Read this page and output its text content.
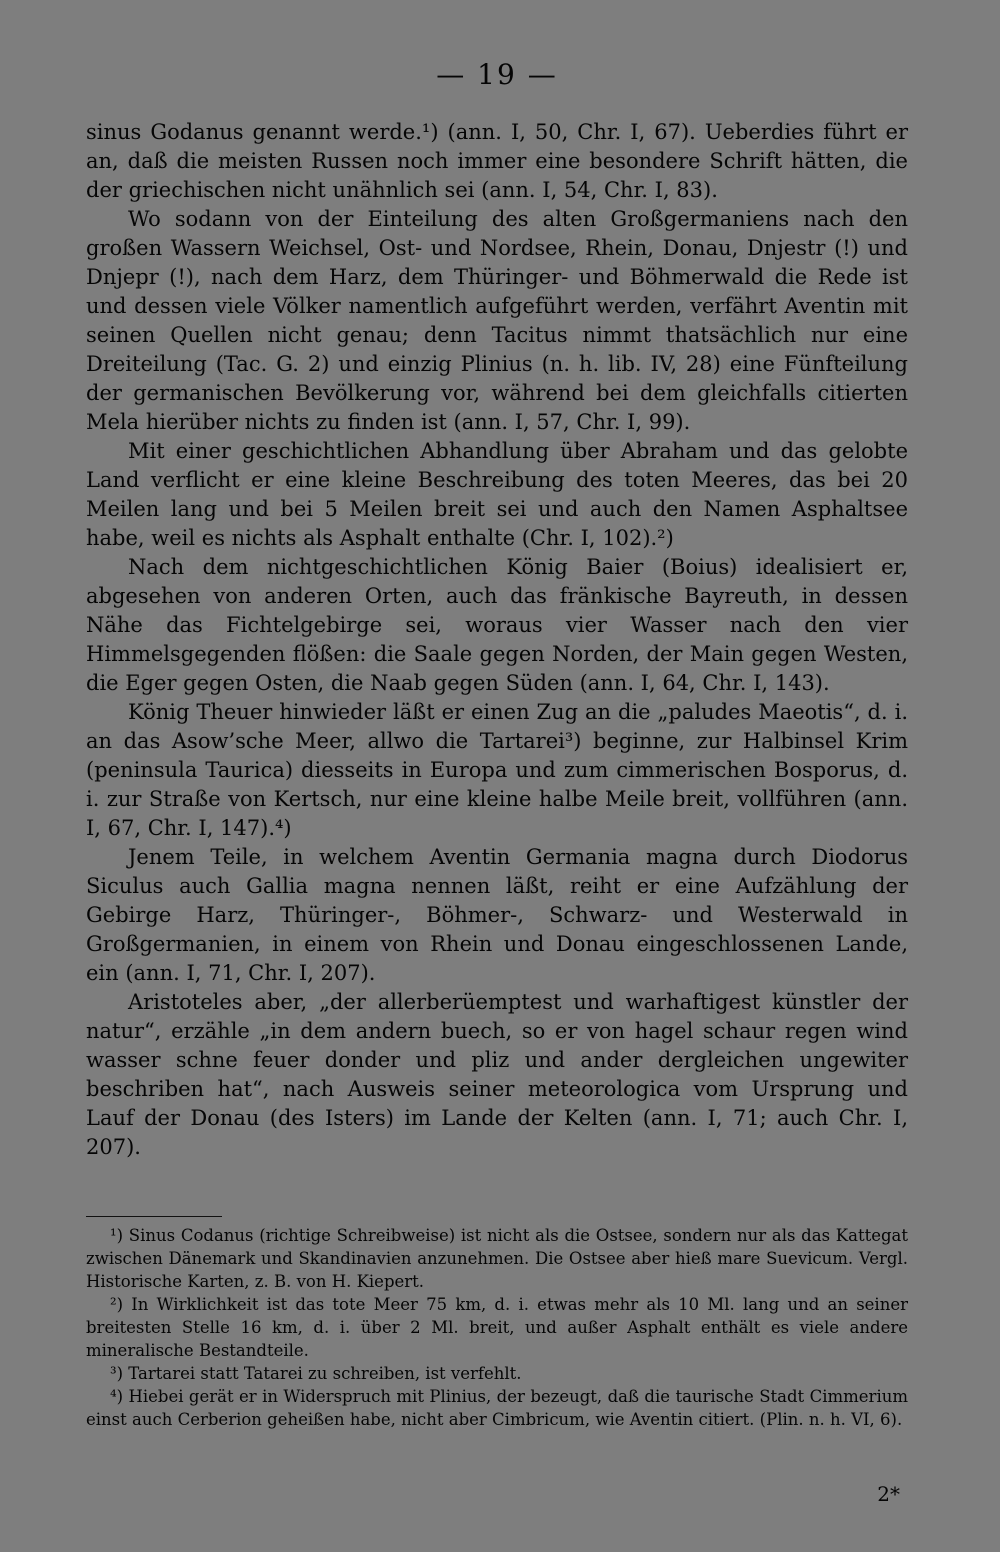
— 19 —

sinus Godanus genannt werde.¹) (ann. I, 50, Chr. I, 67). Ueberdies führt er an, daß die meisten Russen noch immer eine besondere Schrift hätten, die der griechischen nicht unähnlich sei (ann. I, 54, Chr. I, 83).

Wo sodann von der Einteilung des alten Großgermaniens nach den großen Wassern Weichsel, Ost- und Nordsee, Rhein, Donau, Dnjestr (!) und Dnjepr (!), nach dem Harz, dem Thüringer- und Böhmerwald die Rede ist und dessen viele Völker namentlich aufgeführt werden, verfährt Aventin mit seinen Quellen nicht genau; denn Tacitus nimmt thatsächlich nur eine Dreiteilung (Tac. G. 2) und einzig Plinius (n. h. lib. IV, 28) eine Fünfteilung der germanischen Bevölkerung vor, während bei dem gleichfalls citierten Mela hierüber nichts zu finden ist (ann. I, 57, Chr. I, 99).

Mit einer geschichtlichen Abhandlung über Abraham und das gelobte Land verflicht er eine kleine Beschreibung des toten Meeres, das bei 20 Meilen lang und bei 5 Meilen breit sei und auch den Namen Asphaltsee habe, weil es nichts als Asphalt enthalte (Chr. I, 102).²)

Nach dem nichtgeschichtlichen König Baier (Boius) idealisiert er, abgesehen von anderen Orten, auch das fränkische Bayreuth, in dessen Nähe das Fichtelgebirge sei, woraus vier Wasser nach den vier Himmelsgegenden flößen: die Saale gegen Norden, der Main gegen Westen, die Eger gegen Osten, die Naab gegen Süden (ann. I, 64, Chr. I, 143).

König Theuer hinwieder läßt er einen Zug an die „paludes Maeotis“, d. i. an das Asow’sche Meer, allwo die Tartarei³) beginne, zur Halbinsel Krim (peninsula Taurica) diesseits in Europa und zum cimmerischen Bosporus, d. i. zur Straße von Kertsch, nur eine kleine halbe Meile breit, vollführen (ann. I, 67, Chr. I, 147).⁴)

Jenem Teile, in welchem Aventin Germania magna durch Diodorus Siculus auch Gallia magna nennen läßt, reiht er eine Aufzählung der Gebirge Harz, Thüringer-, Böhmer-, Schwarz- und Westerwald in Großgermanien, in einem von Rhein und Donau eingeschlossenen Lande, ein (ann. I, 71, Chr. I, 207).

Aristoteles aber, „der allerberüemptest und warhaftigest künstler der natur“, erzähle „in dem andern buech, so er von hagel schaur regen wind wasser schne feuer donder und pliz und ander dergleichen ungewiter beschriben hat“, nach Ausweis seiner meteorologica vom Ursprung und Lauf der Donau (des Isters) im Lande der Kelten (ann. I, 71; auch Chr. I, 207).

¹) Sinus Codanus (richtige Schreibweise) ist nicht als die Ostsee, sondern nur als das Kattegat zwischen Dänemark und Skandinavien anzunehmen. Die Ostsee aber hieß mare Suevicum. Vergl. Historische Karten, z. B. von H. Kiepert.

²) In Wirklichkeit ist das tote Meer 75 km, d. i. etwas mehr als 10 Ml. lang und an seiner breitesten Stelle 16 km, d. i. über 2 Ml. breit, und außer Asphalt enthält es viele andere mineralische Bestandteile.

³) Tartarei statt Tatarei zu schreiben, ist verfehlt.

⁴) Hiebei gerät er in Widerspruch mit Plinius, der bezeugt, daß die taurische Stadt Cimmerium einst auch Cerberion geheißen habe, nicht aber Cimbricum, wie Aventin citiert. (Plin. n. h. VI, 6).

2*
